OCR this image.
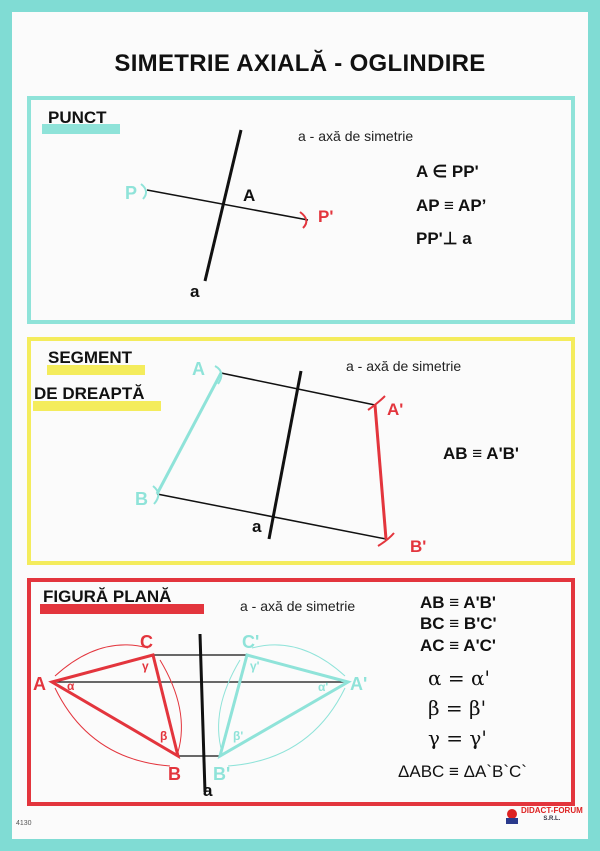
SIMETRIE AXIALĂ - OGLINDIRE
PUNCT
a - axă de simetrie
A ∈ PP'
AP ≡ AP’
PP'⊥ a
P	A
P'
a
SEGMENT
DE DREAPTĂ
a - axă de simetrie
AB ≡ A'B'
A
B
A'
B'
a
FIGURĂ PLANĂ	a - axă de simetrie	AB ≡ A'B'
BC ≡ B'C'
AC ≡ A'C'
α = α'
β = β'
γ = γ'
ΔABC ≡ ΔA`B`C`
A
C
B
A'
C'
B'
a
α
β
γ
α'
β'
γ'
4130
DIDACT-FORUM
S.R.L.
